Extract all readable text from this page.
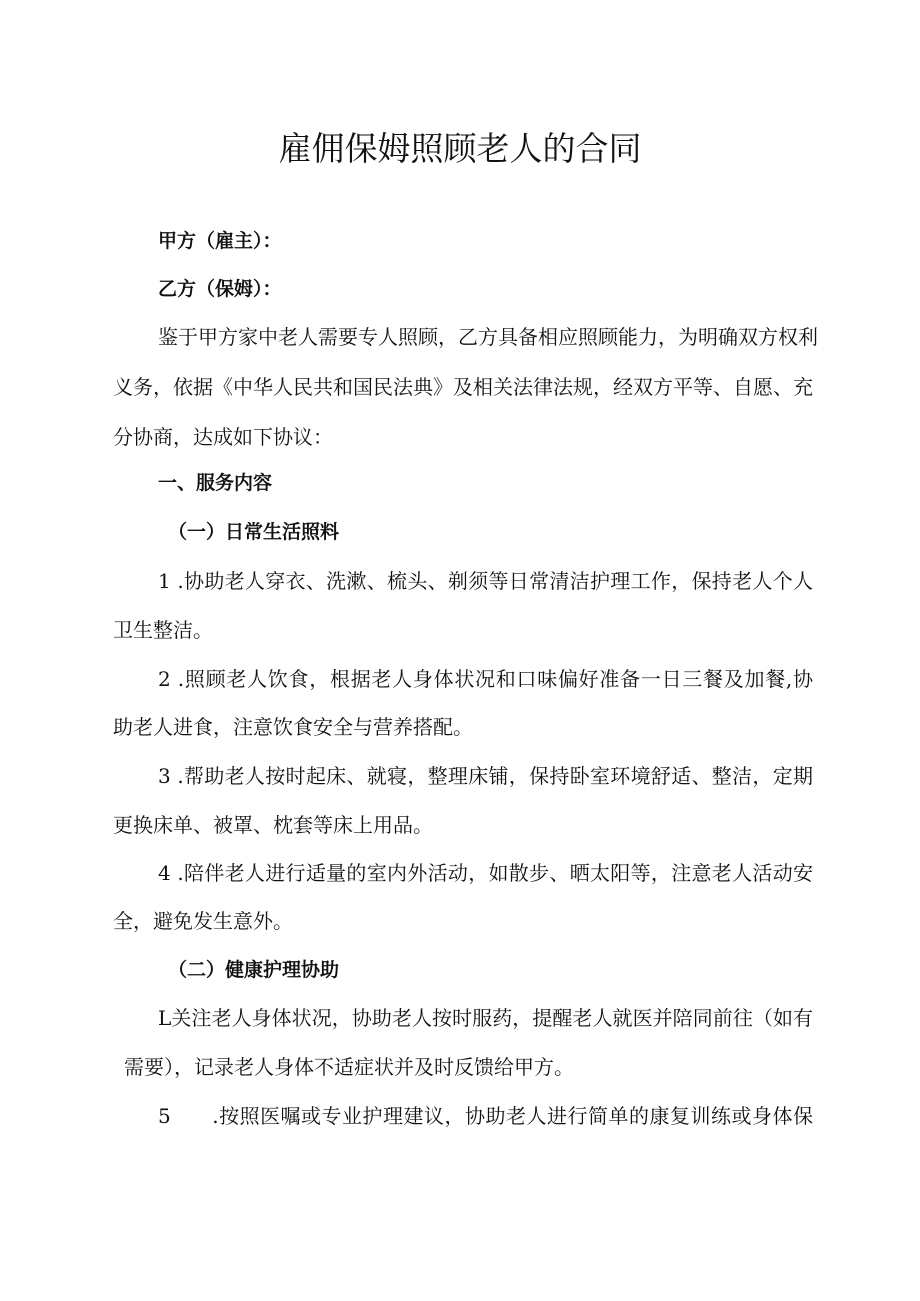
雇佣保姆照顾老人的合同
甲方（雇主）：
乙方（保姆）：
鉴于甲方家中老人需要专人照顾，乙方具备相应照顾能力，为明确双方权利
义务，依据《中华人民共和国民法典》及相关法律法规，经双方平等、自愿、充
分协商，达成如下协议：
一、服务内容
（一）日常生活照料
1 .协助老人穿衣、洗漱、梳头、剃须等日常清洁护理工作，保持老人个人
卫生整洁。
2 .照顾老人饮食，根据老人身体状况和口味偏好准备一日三餐及加餐,协
助老人进食，注意饮食安全与营养搭配。
3 .帮助老人按时起床、就寝，整理床铺，保持卧室环境舒适、整洁，定期
更换床单、被罩、枕套等床上用品。
4 .陪伴老人进行适量的室内外活动，如散步、晒太阳等，注意老人活动安
全，避免发生意外。
（二）健康护理协助
L关注老人身体状况，协助老人按时服药，提醒老人就医并陪同前往（如有
需要），记录老人身体不适症状并及时反馈给甲方。
5　　.按照医嘱或专业护理建议，协助老人进行简单的康复训练或身体保
